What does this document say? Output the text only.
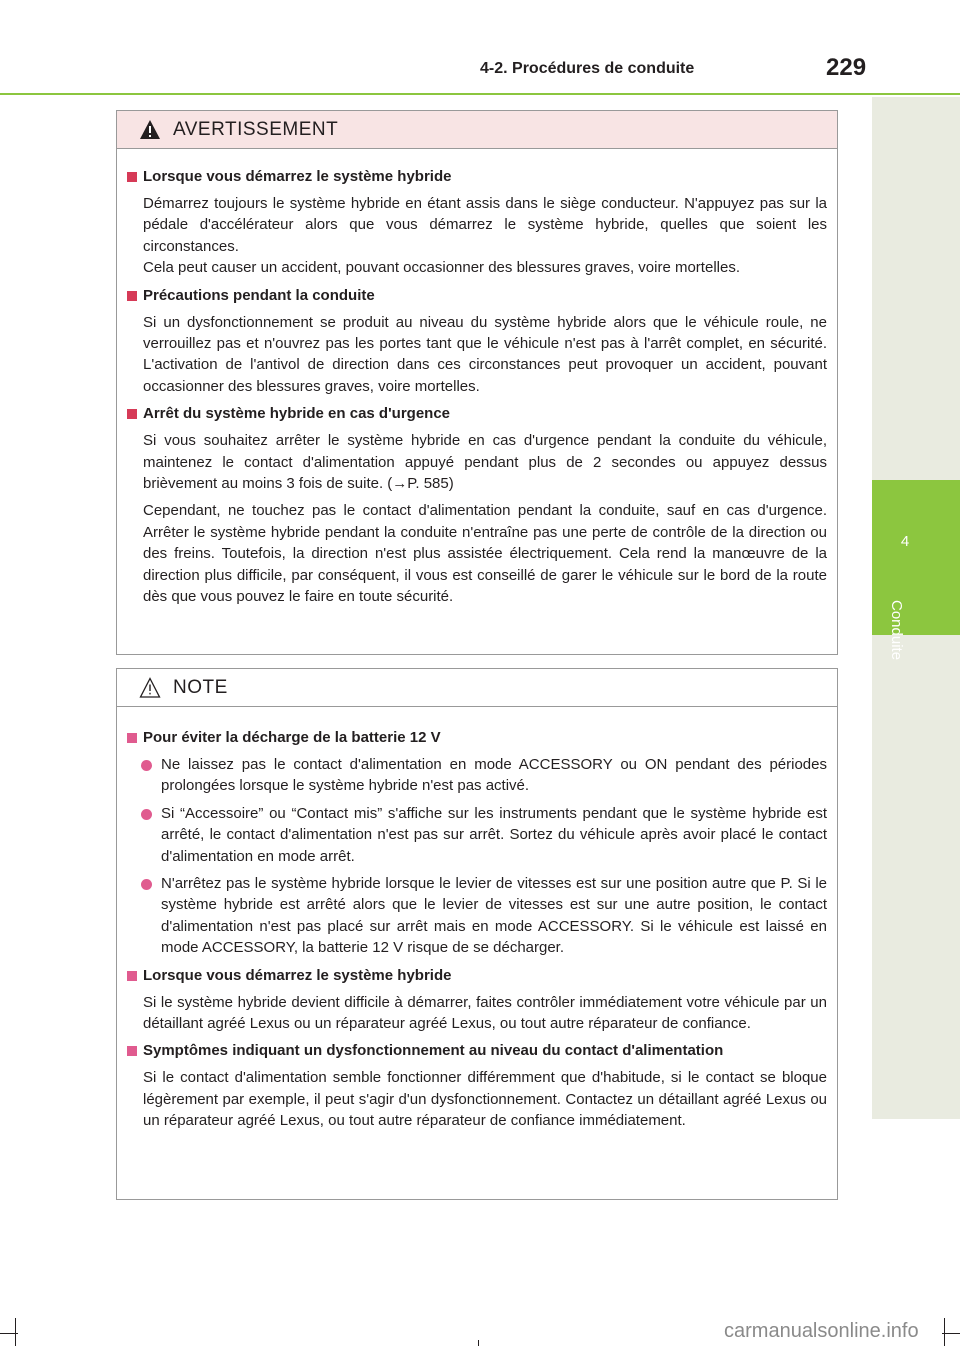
4-2. Procédures de conduite	229
4
Conduite
AVERTISSEMENT
Lorsque vous démarrez le système hybride
Démarrez toujours le système hybride en étant assis dans le siège conducteur. N'appuyez pas sur la pédale d'accélérateur alors que vous démarrez le système hybride, quelles que soient les circonstances.
Cela peut causer un accident, pouvant occasionner des blessures graves, voire mortelles.
Précautions pendant la conduite
Si un dysfonctionnement se produit au niveau du système hybride alors que le véhicule roule, ne verrouillez pas et n'ouvrez pas les portes tant que le véhicule n'est pas à l'arrêt complet, en sécurité. L'activation de l'antivol de direction dans ces circonstances peut provoquer un accident, pouvant occasionner des blessures graves, voire mortelles.
Arrêt du système hybride en cas d'urgence
Si vous souhaitez arrêter le système hybride en cas d'urgence pendant la conduite du véhicule, maintenez le contact d'alimentation appuyé pendant plus de 2 secondes ou appuyez dessus brièvement au moins 3 fois de suite. (→P. 585)
Cependant, ne touchez pas le contact d'alimentation pendant la conduite, sauf en cas d'urgence. Arrêter le système hybride pendant la conduite n'entraîne pas une perte de contrôle de la direction ou des freins. Toutefois, la direction n'est plus assistée électriquement. Cela rend la manœuvre de la direction plus difficile, par conséquent, il vous est conseillé de garer le véhicule sur le bord de la route dès que vous pouvez le faire en toute sécurité.
NOTE
Pour éviter la décharge de la batterie 12 V
Ne laissez pas le contact d'alimentation en mode ACCESSORY ou ON pendant des périodes prolongées lorsque le système hybride n'est pas activé.
Si “Accessoire” ou “Contact mis” s'affiche sur les instruments pendant que le système hybride est arrêté, le contact d'alimentation n'est pas sur arrêt. Sortez du véhicule après avoir placé le contact d'alimentation en mode arrêt.
N'arrêtez pas le système hybride lorsque le levier de vitesses est sur une position autre que P. Si le système hybride est arrêté alors que le levier de vitesses est sur une autre position, le contact d'alimentation n'est pas placé sur arrêt mais en mode ACCESSORY. Si le véhicule est laissé en mode ACCESSORY, la batterie 12 V risque de se décharger.
Lorsque vous démarrez le système hybride
Si le système hybride devient difficile à démarrer, faites contrôler immédiatement votre véhicule par un détaillant agréé Lexus ou un réparateur agréé Lexus, ou tout autre réparateur de confiance.
Symptômes indiquant un dysfonctionnement au niveau du contact d'alimentation
Si le contact d'alimentation semble fonctionner différemment que d'habitude, si le contact se bloque légèrement par exemple, il peut s'agir d'un dysfonctionnement. Contactez un détaillant agréé Lexus ou un réparateur agréé Lexus, ou tout autre réparateur de confiance immédiatement.
carmanualsonline.info
